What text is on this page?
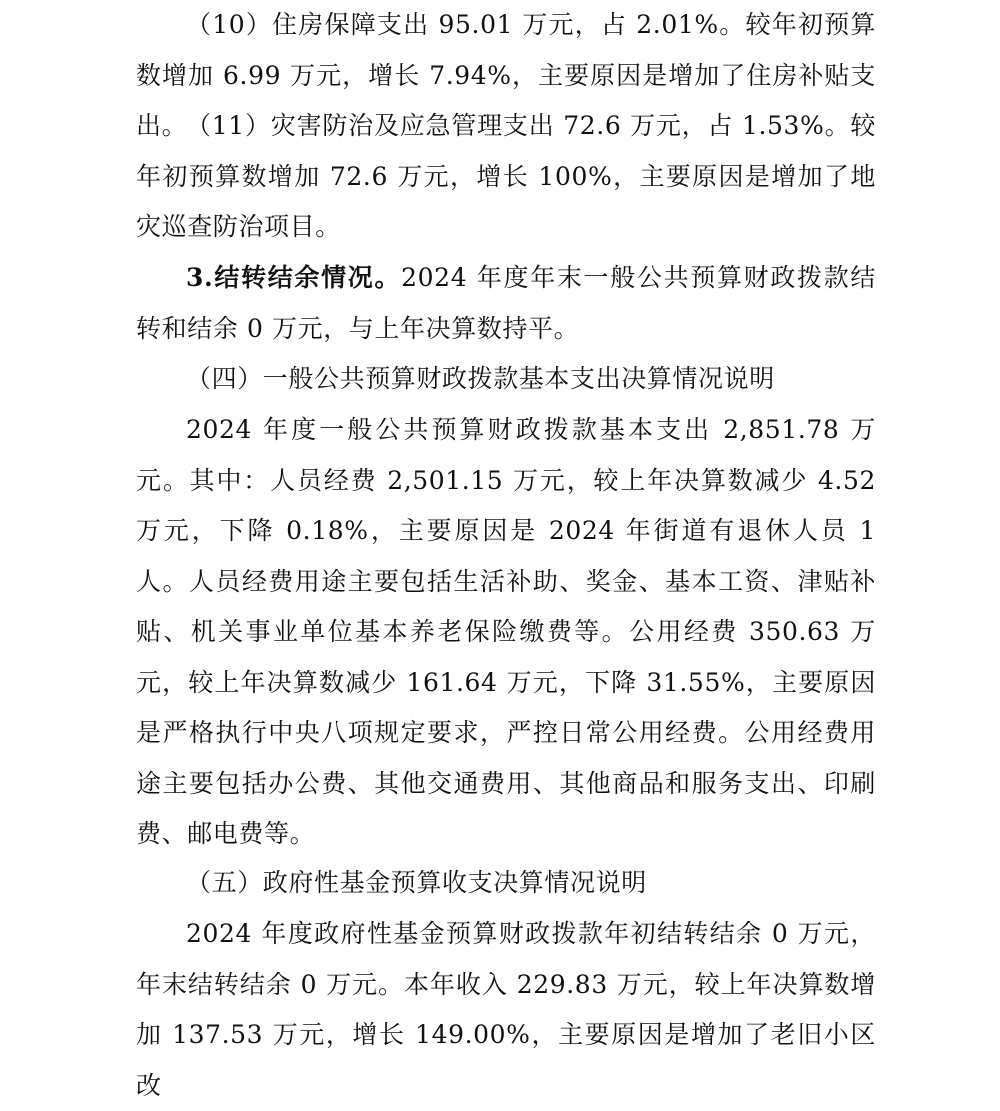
（10）住房保障支出 95.01 万元，占 2.01%。较年初预算数增加 6.99 万元，增长 7.94%，主要原因是增加了住房补贴支出。

（11）灾害防治及应急管理支出 72.6 万元，占 1.53%。较年初预算数增加 72.6 万元，增长 100%，主要原因是增加了地灾巡查防治项目。

3.结转结余情况。2024 年度年末一般公共预算财政拨款结转和结余 0 万元，与上年决算数持平。

（四）一般公共预算财政拨款基本支出决算情况说明

2024 年度一般公共预算财政拨款基本支出 2,851.78 万元。其中：人员经费 2,501.15 万元，较上年决算数减少 4.52 万元，下降 0.18%，主要原因是 2024 年街道有退休人员 1 人。人员经费用途主要包括生活补助、奖金、基本工资、津贴补贴、机关事业单位基本养老保险缴费等。公用经费 350.63 万元，较上年决算数减少 161.64 万元，下降 31.55%，主要原因是严格执行中央八项规定要求，严控日常公用经费。公用经费用途主要包括办公费、其他交通费用、其他商品和服务支出、印刷费、邮电费等。

（五）政府性基金预算收支决算情况说明

2024 年度政府性基金预算财政拨款年初结转结余 0 万元，年末结转结余 0 万元。本年收入 229.83 万元，较上年决算数增加 137.53 万元，增长 149.00%，主要原因是增加了老旧小区改
